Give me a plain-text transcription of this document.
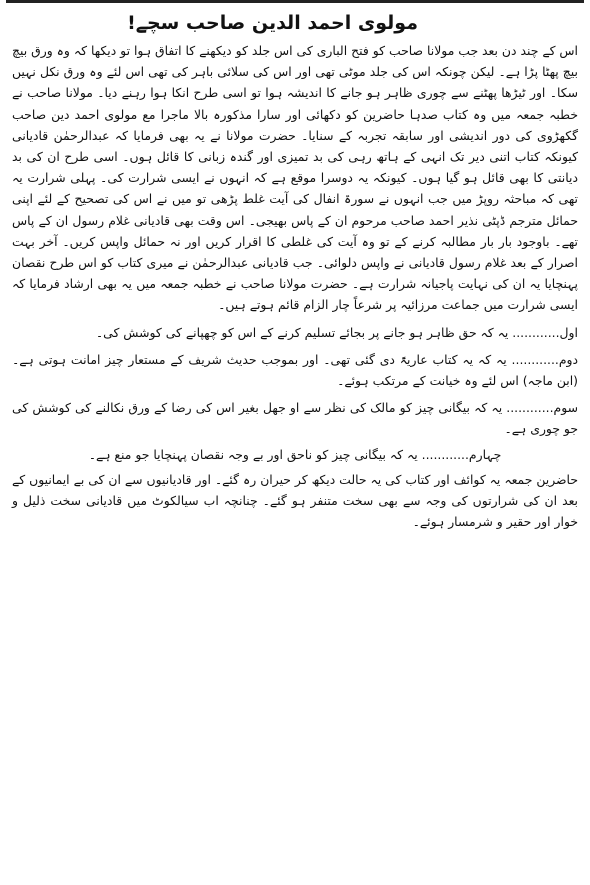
مولوی احمد الدین صاحب سچے!

اس کے چند دن بعد جب مولانا صاحب کو فتح الباری کی اس جلد کو دیکھنے کا اتفاق ہوا تو دیکھا کہ وہ ورق بیچ بیچ پھٹا پڑا ہے۔ لیکن چونکہ اس کی جلد موٹی تھی اور اس کی سلائی باہر کی تھی اس لئے وہ ورق نکل نہیں سکا۔ اور ٹیڑھا پھٹنے سے چوری ظاہر ہو جانے کا اندیشہ ہوا تو اسی طرح انکا ہوا رہنے دیا۔ مولانا صاحب نے خطبہ جمعہ میں وہ کتاب صدہا حاضرین کو دکھائی اور سارا مذکورہ بالا ماجرا مع مولوی احمد دین صاحب گکھڑوی کی دور اندیشی اور سابقہ تجربہ کے سنایا۔ حضرت مولانا نے یہ بھی فرمایا کہ عبدالرحمٰن قادیانی کیونکہ کتاب اتنی دیر تک انہی کے ہاتھ رہی کی بد تمیزی اور گندہ زبانی کا قائل ہوں۔ اسی طرح ان کی بد دیانتی کا بھی قائل ہو گیا ہوں۔ کیونکہ یہ دوسرا موقع ہے کہ انہوں نے ایسی شرارت کی۔ پہلی شرارت یہ تھی کہ مباحثہ روپڑ میں جب انہوں نے سورۃ انفال کی آیت غلط پڑھی تو میں نے اس کی تصحیح کے لئے اپنی حمائل مترجم ڈپٹی نذیر احمد صاحب مرحوم ان کے پاس بھیجی۔ اس وقت بھی قادیانی غلام رسول ان کے پاس تھے۔ باوجود بار بار مطالبہ کرنے کے تو وہ آیت کی غلطی کا اقرار کریں اور نہ حمائل واپس کریں۔ آخر بہت اصرار کے بعد غلام رسول قادیانی نے واپس دلوائی۔ جب قادیانی عبدالرحمٰن نے میری کتاب کو اس طرح نقصان پہنچایا یہ ان کی نہایت پاجیانہ شرارت ہے۔ حضرت مولانا صاحب نے خطبہ جمعہ میں یہ بھی ارشاد فرمایا کہ ایسی شرارت میں جماعت مرزائیہ پر شرعاً چار الزام قائم ہوتے ہیں۔

اول............ یہ کہ حق ظاہر ہو جانے پر بجائے تسلیم کرنے کے اس کو چھپانے کی کوشش کی۔

دوم............ یہ کہ یہ کتاب عاریۃً دی گئی تھی۔ اور بموجب حدیث شریف کے مستعار چیز امانت ہوتی ہے۔ (ابن ماجہ) اس لئے وہ خیانت کے مرتکب ہوئے۔

سوم............ یہ کہ بیگانی چیز کو مالک کی نظر سے او جھل بغیر اس کی رضا کے ورق نکالنے کی کوشش کی جو چوری ہے۔

چہارم............ یہ کہ بیگانی چیز کو ناحق اور بے وجہ نقصان پہنچایا جو منع ہے۔

حاضرین جمعہ یہ کوائف اور کتاب کی یہ حالت دیکھ کر حیران رہ گئے۔ اور قادیانیوں سے ان کی بے ایمانیوں کے بعد ان کی شرارتوں کی وجہ سے بھی سخت متنفر ہو گئے۔ چنانچہ اب سیالکوٹ میں قادیانی سخت ذلیل و خوار اور حقیر و شرمسار ہوئے۔
